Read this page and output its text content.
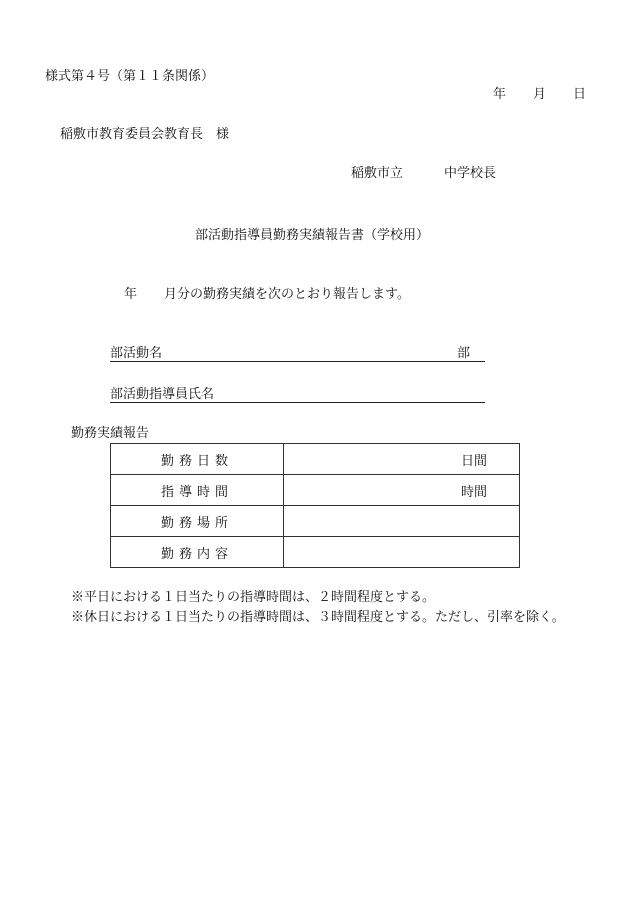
様式第４号（第１１条関係）
年 月 日
稲敷市教育委員会教育長　様
稲敷市立	中学校長
部活動指導員勤務実績報告書（学校用）
年 月分の勤務実績を次のとおり報告します。
部活動名	部
部活動指導員氏名
勤務実績報告
勤務日数	日間
指導時間	時間
勤務場所	
勤務内容	
※平日における１日当たりの指導時間は、２時間程度とする。
※休日における１日当たりの指導時間は、３時間程度とする。ただし、引率を除く。
